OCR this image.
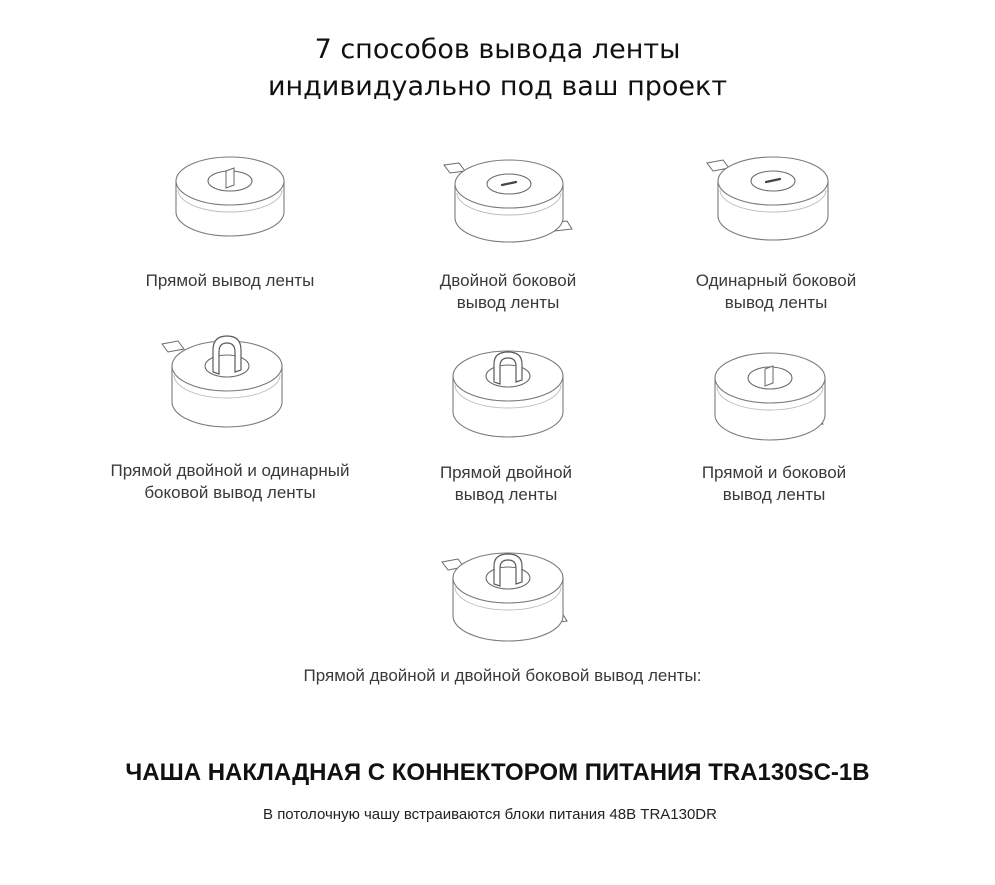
7 способов вывода ленты
индивидуально под ваш проект
Прямой вывод ленты	Двойной боковой
вывод ленты
Одинарный боковой
вывод ленты
Прямой двойной и одинарный
боковой вывод ленты
Прямой двойной
вывод ленты
Прямой и боковой
вывод ленты
Прямой двойной и двойной боковой вывод ленты:
ЧАША НАКЛАДНАЯ С КОННЕКТОРОМ ПИТАНИЯ TRA130SC-1B
В потолочную чашу встраиваются блоки питания 48В TRA130DR
